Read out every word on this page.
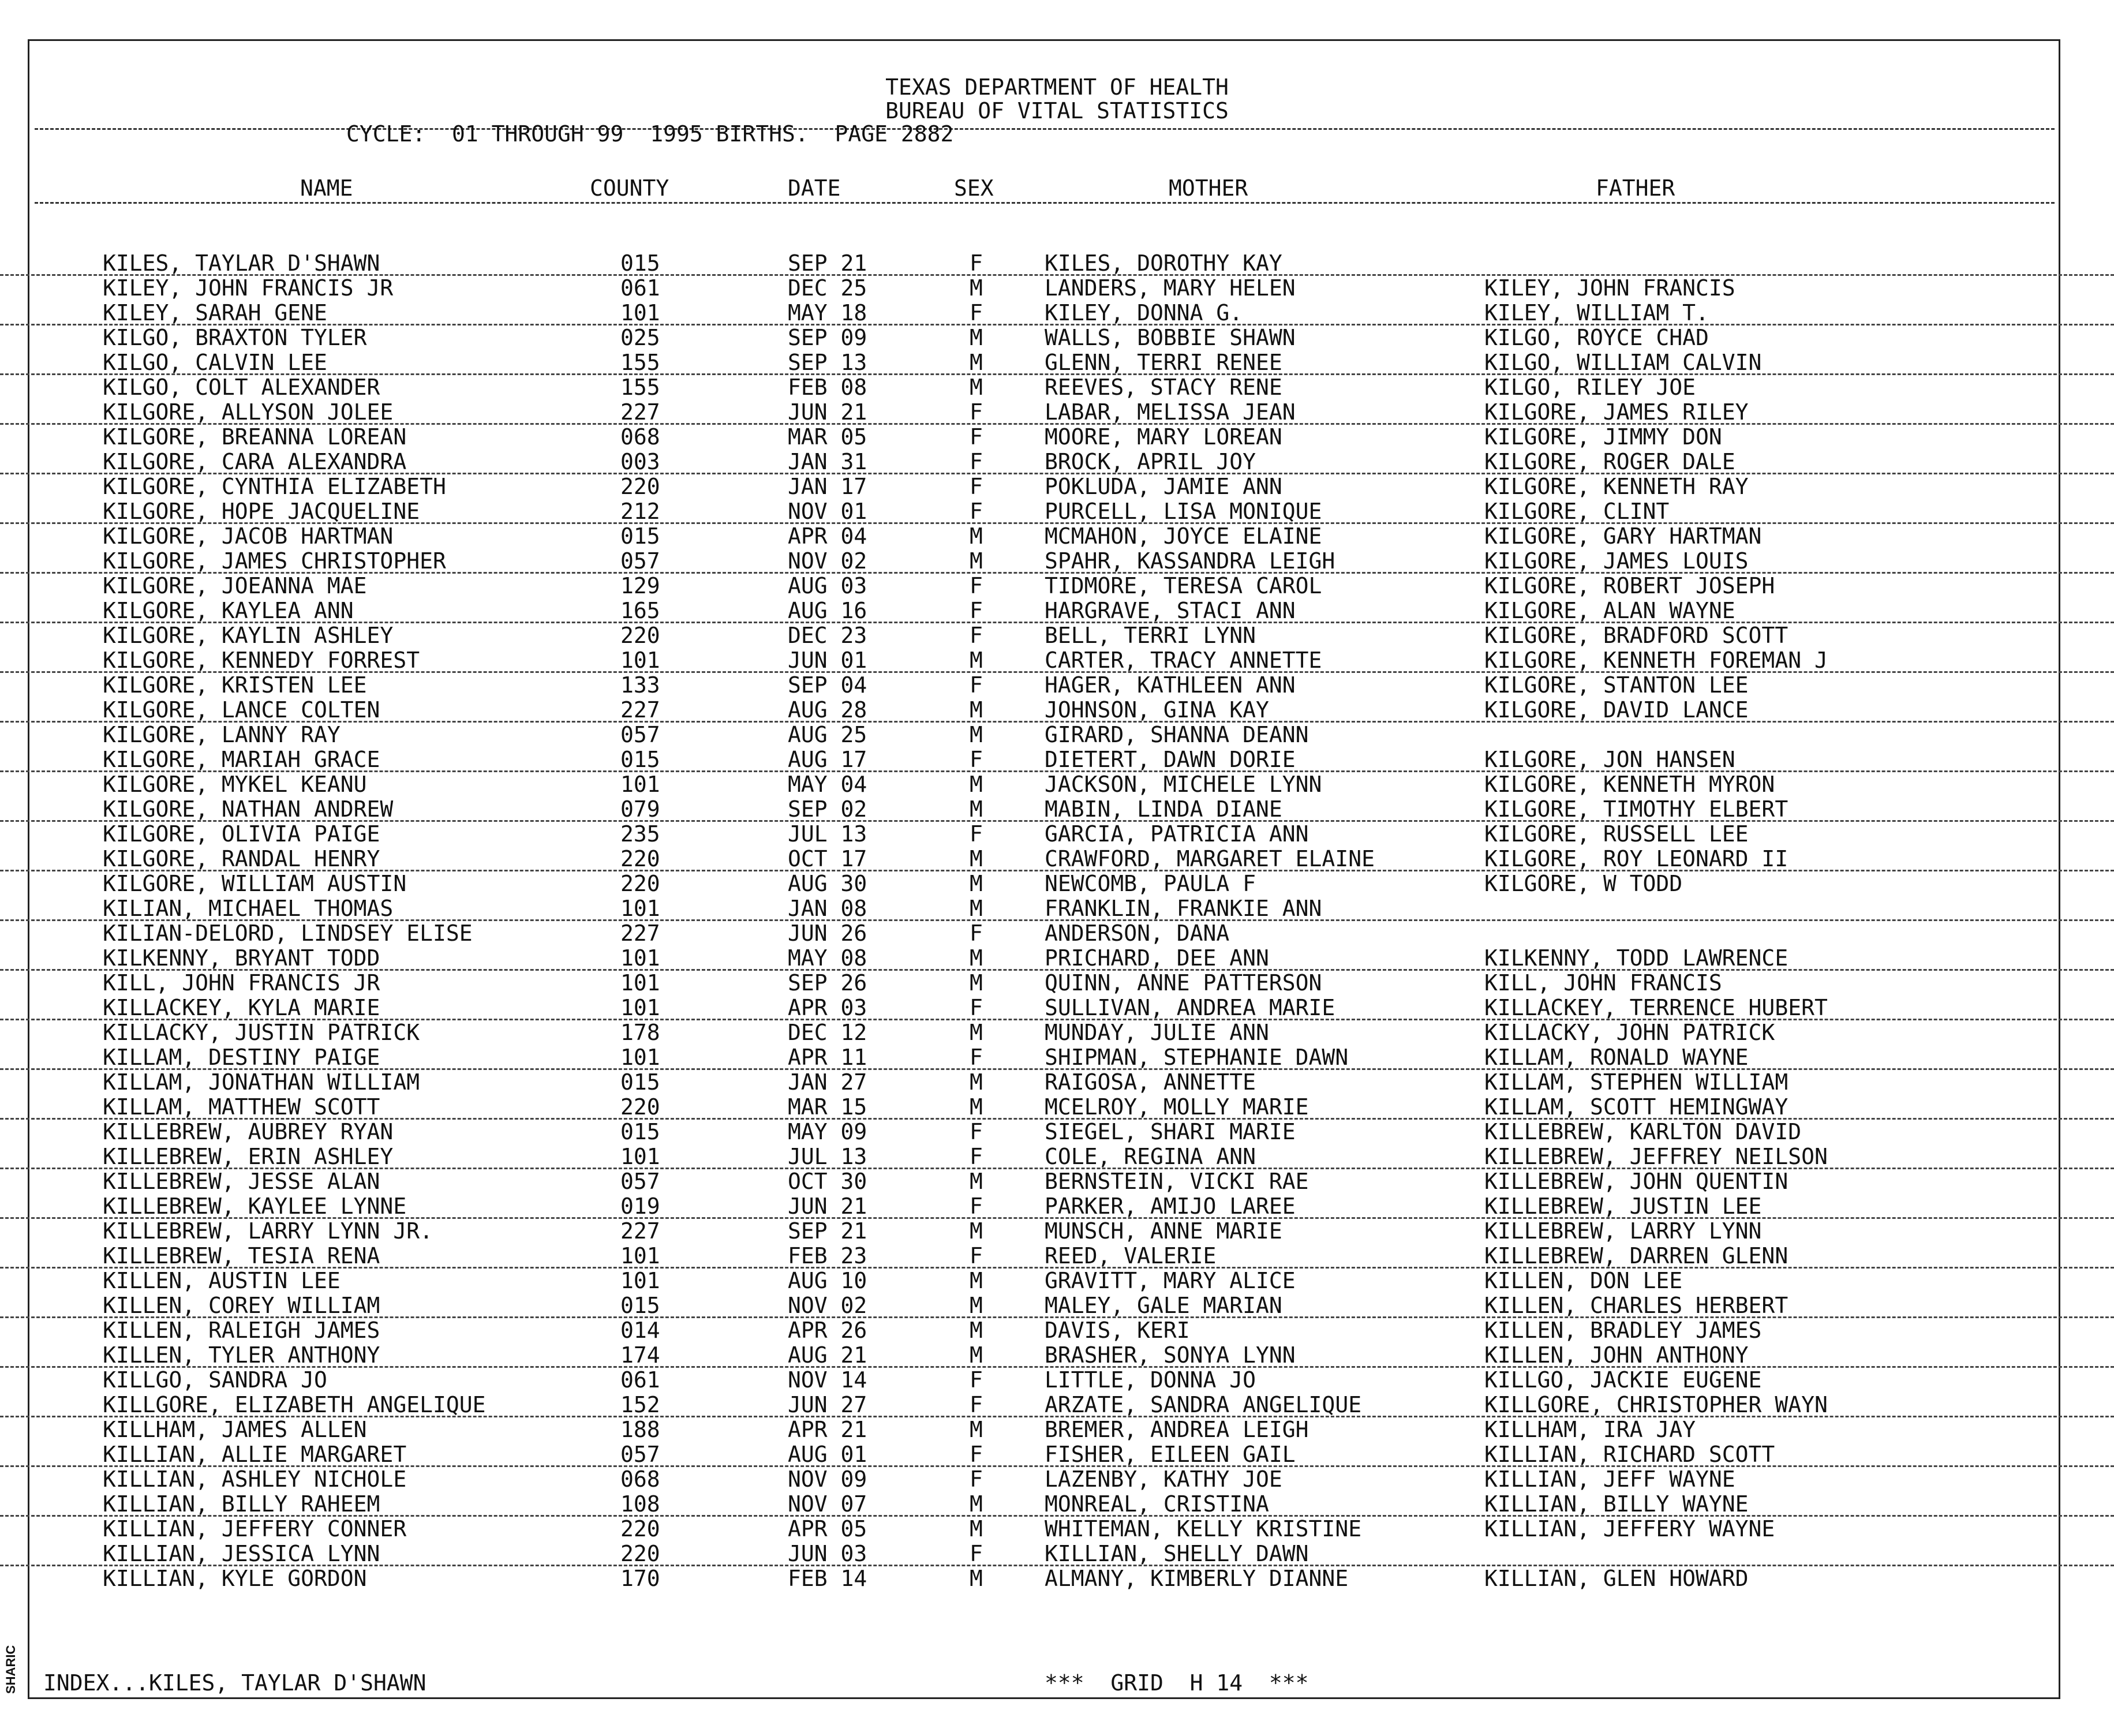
TEXAS DEPARTMENT OF HEALTH
BUREAU OF VITAL STATISTICS
CYCLE:  01 THROUGH 99  1995 BIRTHS.  PAGE 2882
NAME	COUNTY	DATE	SEX	MOTHER	FATHER
KILES, TAYLAR D'SHAWN	015	SEP 21	F	KILES, DOROTHY KAY
KILEY, JOHN FRANCIS JR	061	DEC 25	M	LANDERS, MARY HELEN	KILEY, JOHN FRANCIS
KILEY, SARAH GENE	101	MAY 18	F	KILEY, DONNA G.	KILEY, WILLIAM T.
KILGO, BRAXTON TYLER	025	SEP 09	M	WALLS, BOBBIE SHAWN	KILGO, ROYCE CHAD
KILGO, CALVIN LEE	155	SEP 13	M	GLENN, TERRI RENEE	KILGO, WILLIAM CALVIN
KILGO, COLT ALEXANDER	155	FEB 08	M	REEVES, STACY RENE	KILGO, RILEY JOE
KILGORE, ALLYSON JOLEE	227	JUN 21	F	LABAR, MELISSA JEAN	KILGORE, JAMES RILEY
KILGORE, BREANNA LOREAN	068	MAR 05	F	MOORE, MARY LOREAN	KILGORE, JIMMY DON
KILGORE, CARA ALEXANDRA	003	JAN 31	F	BROCK, APRIL JOY	KILGORE, ROGER DALE
KILGORE, CYNTHIA ELIZABETH	220	JAN 17	F	POKLUDA, JAMIE ANN	KILGORE, KENNETH RAY
KILGORE, HOPE JACQUELINE	212	NOV 01	F	PURCELL, LISA MONIQUE	KILGORE, CLINT
KILGORE, JACOB HARTMAN	015	APR 04	M	MCMAHON, JOYCE ELAINE	KILGORE, GARY HARTMAN
KILGORE, JAMES CHRISTOPHER	057	NOV 02	M	SPAHR, KASSANDRA LEIGH	KILGORE, JAMES LOUIS
KILGORE, JOEANNA MAE	129	AUG 03	F	TIDMORE, TERESA CAROL	KILGORE, ROBERT JOSEPH
KILGORE, KAYLEA ANN	165	AUG 16	F	HARGRAVE, STACI ANN	KILGORE, ALAN WAYNE
KILGORE, KAYLIN ASHLEY	220	DEC 23	F	BELL, TERRI LYNN	KILGORE, BRADFORD SCOTT
KILGORE, KENNEDY FORREST	101	JUN 01	M	CARTER, TRACY ANNETTE	KILGORE, KENNETH FOREMAN J
KILGORE, KRISTEN LEE	133	SEP 04	F	HAGER, KATHLEEN ANN	KILGORE, STANTON LEE
KILGORE, LANCE COLTEN	227	AUG 28	M	JOHNSON, GINA KAY	KILGORE, DAVID LANCE
KILGORE, LANNY RAY	057	AUG 25	M	GIRARD, SHANNA DEANN
KILGORE, MARIAH GRACE	015	AUG 17	F	DIETERT, DAWN DORIE	KILGORE, JON HANSEN
KILGORE, MYKEL KEANU	101	MAY 04	M	JACKSON, MICHELE LYNN	KILGORE, KENNETH MYRON
KILGORE, NATHAN ANDREW	079	SEP 02	M	MABIN, LINDA DIANE	KILGORE, TIMOTHY ELBERT
KILGORE, OLIVIA PAIGE	235	JUL 13	F	GARCIA, PATRICIA ANN	KILGORE, RUSSELL LEE
KILGORE, RANDAL HENRY	220	OCT 17	M	CRAWFORD, MARGARET ELAINE	KILGORE, ROY LEONARD II
KILGORE, WILLIAM AUSTIN	220	AUG 30	M	NEWCOMB, PAULA F	KILGORE, W TODD
KILIAN, MICHAEL THOMAS	101	JAN 08	M	FRANKLIN, FRANKIE ANN
KILIAN-DELORD, LINDSEY ELISE	227	JUN 26	F	ANDERSON, DANA
KILKENNY, BRYANT TODD	101	MAY 08	M	PRICHARD, DEE ANN	KILKENNY, TODD LAWRENCE
KILL, JOHN FRANCIS JR	101	SEP 26	M	QUINN, ANNE PATTERSON	KILL, JOHN FRANCIS
KILLACKEY, KYLA MARIE	101	APR 03	F	SULLIVAN, ANDREA MARIE	KILLACKEY, TERRENCE HUBERT
KILLACKY, JUSTIN PATRICK	178	DEC 12	M	MUNDAY, JULIE ANN	KILLACKY, JOHN PATRICK
KILLAM, DESTINY PAIGE	101	APR 11	F	SHIPMAN, STEPHANIE DAWN	KILLAM, RONALD WAYNE
KILLAM, JONATHAN WILLIAM	015	JAN 27	M	RAIGOSA, ANNETTE	KILLAM, STEPHEN WILLIAM
KILLAM, MATTHEW SCOTT	220	MAR 15	M	MCELROY, MOLLY MARIE	KILLAM, SCOTT HEMINGWAY
KILLEBREW, AUBREY RYAN	015	MAY 09	F	SIEGEL, SHARI MARIE	KILLEBREW, KARLTON DAVID
KILLEBREW, ERIN ASHLEY	101	JUL 13	F	COLE, REGINA ANN	KILLEBREW, JEFFREY NEILSON
KILLEBREW, JESSE ALAN	057	OCT 30	M	BERNSTEIN, VICKI RAE	KILLEBREW, JOHN QUENTIN
KILLEBREW, KAYLEE LYNNE	019	JUN 21	F	PARKER, AMIJO LAREE	KILLEBREW, JUSTIN LEE
KILLEBREW, LARRY LYNN JR.	227	SEP 21	M	MUNSCH, ANNE MARIE	KILLEBREW, LARRY LYNN
KILLEBREW, TESIA RENA	101	FEB 23	F	REED, VALERIE	KILLEBREW, DARREN GLENN
KILLEN, AUSTIN LEE	101	AUG 10	M	GRAVITT, MARY ALICE	KILLEN, DON LEE
KILLEN, COREY WILLIAM	015	NOV 02	M	MALEY, GALE MARIAN	KILLEN, CHARLES HERBERT
KILLEN, RALEIGH JAMES	014	APR 26	M	DAVIS, KERI	KILLEN, BRADLEY JAMES
KILLEN, TYLER ANTHONY	174	AUG 21	M	BRASHER, SONYA LYNN	KILLEN, JOHN ANTHONY
KILLGO, SANDRA JO	061	NOV 14	F	LITTLE, DONNA JO	KILLGO, JACKIE EUGENE
KILLGORE, ELIZABETH ANGELIQUE	152	JUN 27	F	ARZATE, SANDRA ANGELIQUE	KILLGORE, CHRISTOPHER WAYN
KILLHAM, JAMES ALLEN	188	APR 21	M	BREMER, ANDREA LEIGH	KILLHAM, IRA JAY
KILLIAN, ALLIE MARGARET	057	AUG 01	F	FISHER, EILEEN GAIL	KILLIAN, RICHARD SCOTT
KILLIAN, ASHLEY NICHOLE	068	NOV 09	F	LAZENBY, KATHY JOE	KILLIAN, JEFF WAYNE
KILLIAN, BILLY RAHEEM	108	NOV 07	M	MONREAL, CRISTINA	KILLIAN, BILLY WAYNE
KILLIAN, JEFFERY CONNER	220	APR 05	M	WHITEMAN, KELLY KRISTINE	KILLIAN, JEFFERY WAYNE
KILLIAN, JESSICA LYNN	220	JUN 03	F	KILLIAN, SHELLY DAWN
KILLIAN, KYLE GORDON	170	FEB 14	M	ALMANY, KIMBERLY DIANNE	KILLIAN, GLEN HOWARD
INDEX...KILES, TAYLAR D'SHAWN	***  GRID  H 14  ***
SHARIC
